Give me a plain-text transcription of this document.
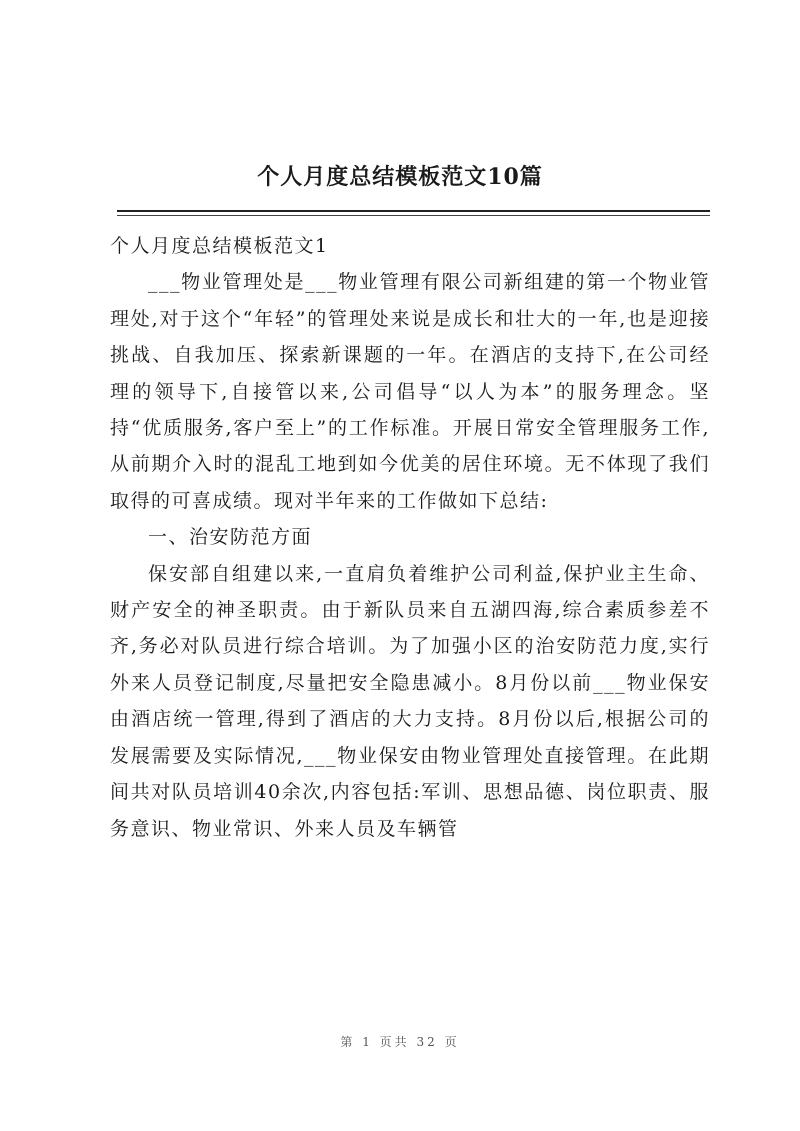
个人月度总结模板范文10篇

个人月度总结模板范文1

___物业管理处是___物业管理有限公司新组建的第一个物业管理处,对于这个“年轻”的管理处来说是成长和壮大的一年,也是迎接挑战、自我加压、探索新课题的一年。在酒店的支持下,在公司经理的领导下,自接管以来,公司倡导“以人为本”的服务理念。坚持“优质服务,客户至上”的工作标准。开展日常安全管理服务工作,从前期介入时的混乱工地到如今优美的居住环境。无不体现了我们取得的可喜成绩。现对半年来的工作做如下总结:

一、治安防范方面

保安部自组建以来,一直肩负着维护公司利益,保护业主生命、财产安全的神圣职责。由于新队员来自五湖四海,综合素质参差不齐,务必对队员进行综合培训。为了加强小区的治安防范力度,实行外来人员登记制度,尽量把安全隐患减小。8月份以前___物业保安由酒店统一管理,得到了酒店的大力支持。8月份以后,根据公司的发展需要及实际情况,___物业保安由物业管理处直接管理。在此期间共对队员培训40余次,内容包括:军训、思想品德、岗位职责、服务意识、物业常识、外来人员及车辆管

第 1 页共 32 页
